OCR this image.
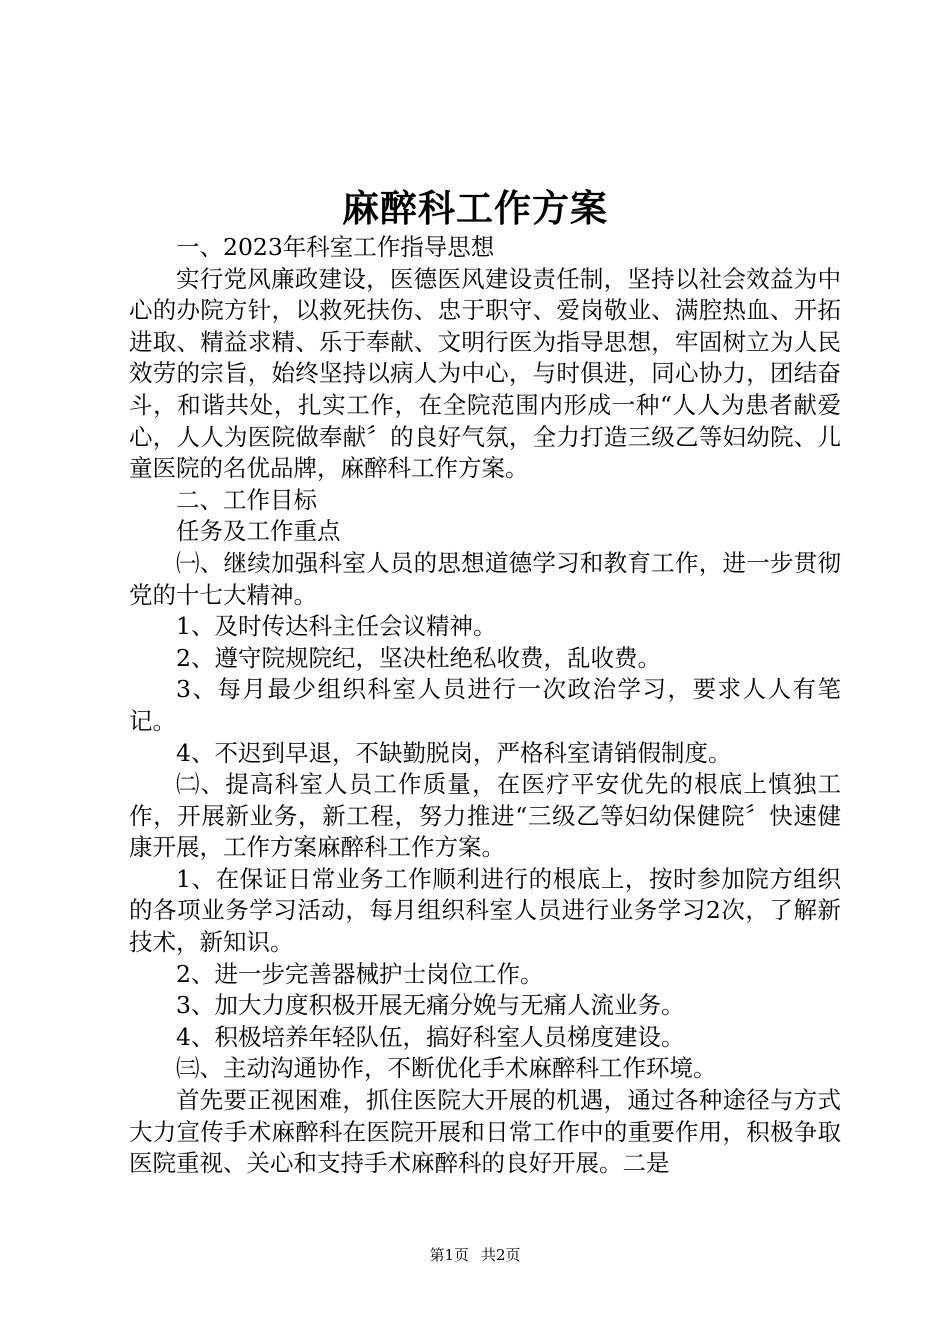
麻醉科工作方案

一、2023年科室工作指导思想

实行党风廉政建设，医德医风建设责任制，坚持以社会效益为中心的办院方针，以救死扶伤、忠于职守、爱岗敬业、满腔热血、开拓进取、精益求精、乐于奉献、文明行医为指导思想，牢固树立为人民效劳的宗旨，始终坚持以病人为中心，与时俱进，同心协力，团结奋斗，和谐共处，扎实工作，在全院范围内形成一种“人人为患者献爱心，人人为医院做奉献〞的良好气氛，全力打造三级乙等妇幼院、儿童医院的名优品牌，麻醉科工作方案。

二、工作目标

任务及工作重点

㈠、继续加强科室人员的思想道德学习和教育工作，进一步贯彻党的十七大精神。

1、及时传达科主任会议精神。

2、遵守院规院纪，坚决杜绝私收费，乱收费。

3、每月最少组织科室人员进行一次政治学习，要求人人有笔记。

4、不迟到早退，不缺勤脱岗，严格科室请销假制度。

㈡、提高科室人员工作质量，在医疗平安优先的根底上慎独工作，开展新业务，新工程，努力推进“三级乙等妇幼保健院〞快速健康开展，工作方案麻醉科工作方案。

1、在保证日常业务工作顺利进行的根底上，按时参加院方组织的各项业务学习活动，每月组织科室人员进行业务学习2次，了解新技术，新知识。

2、进一步完善器械护士岗位工作。

3、加大力度积极开展无痛分娩与无痛人流业务。

4、积极培养年轻队伍，搞好科室人员梯度建设。

㈢、主动沟通协作，不断优化手术麻醉科工作环境。

首先要正视困难，抓住医院大开展的机遇，通过各种途径与方式大力宣传手术麻醉科在医院开展和日常工作中的重要作用，积极争取医院重视、关心和支持手术麻醉科的良好开展。二是

第1页 共2页
